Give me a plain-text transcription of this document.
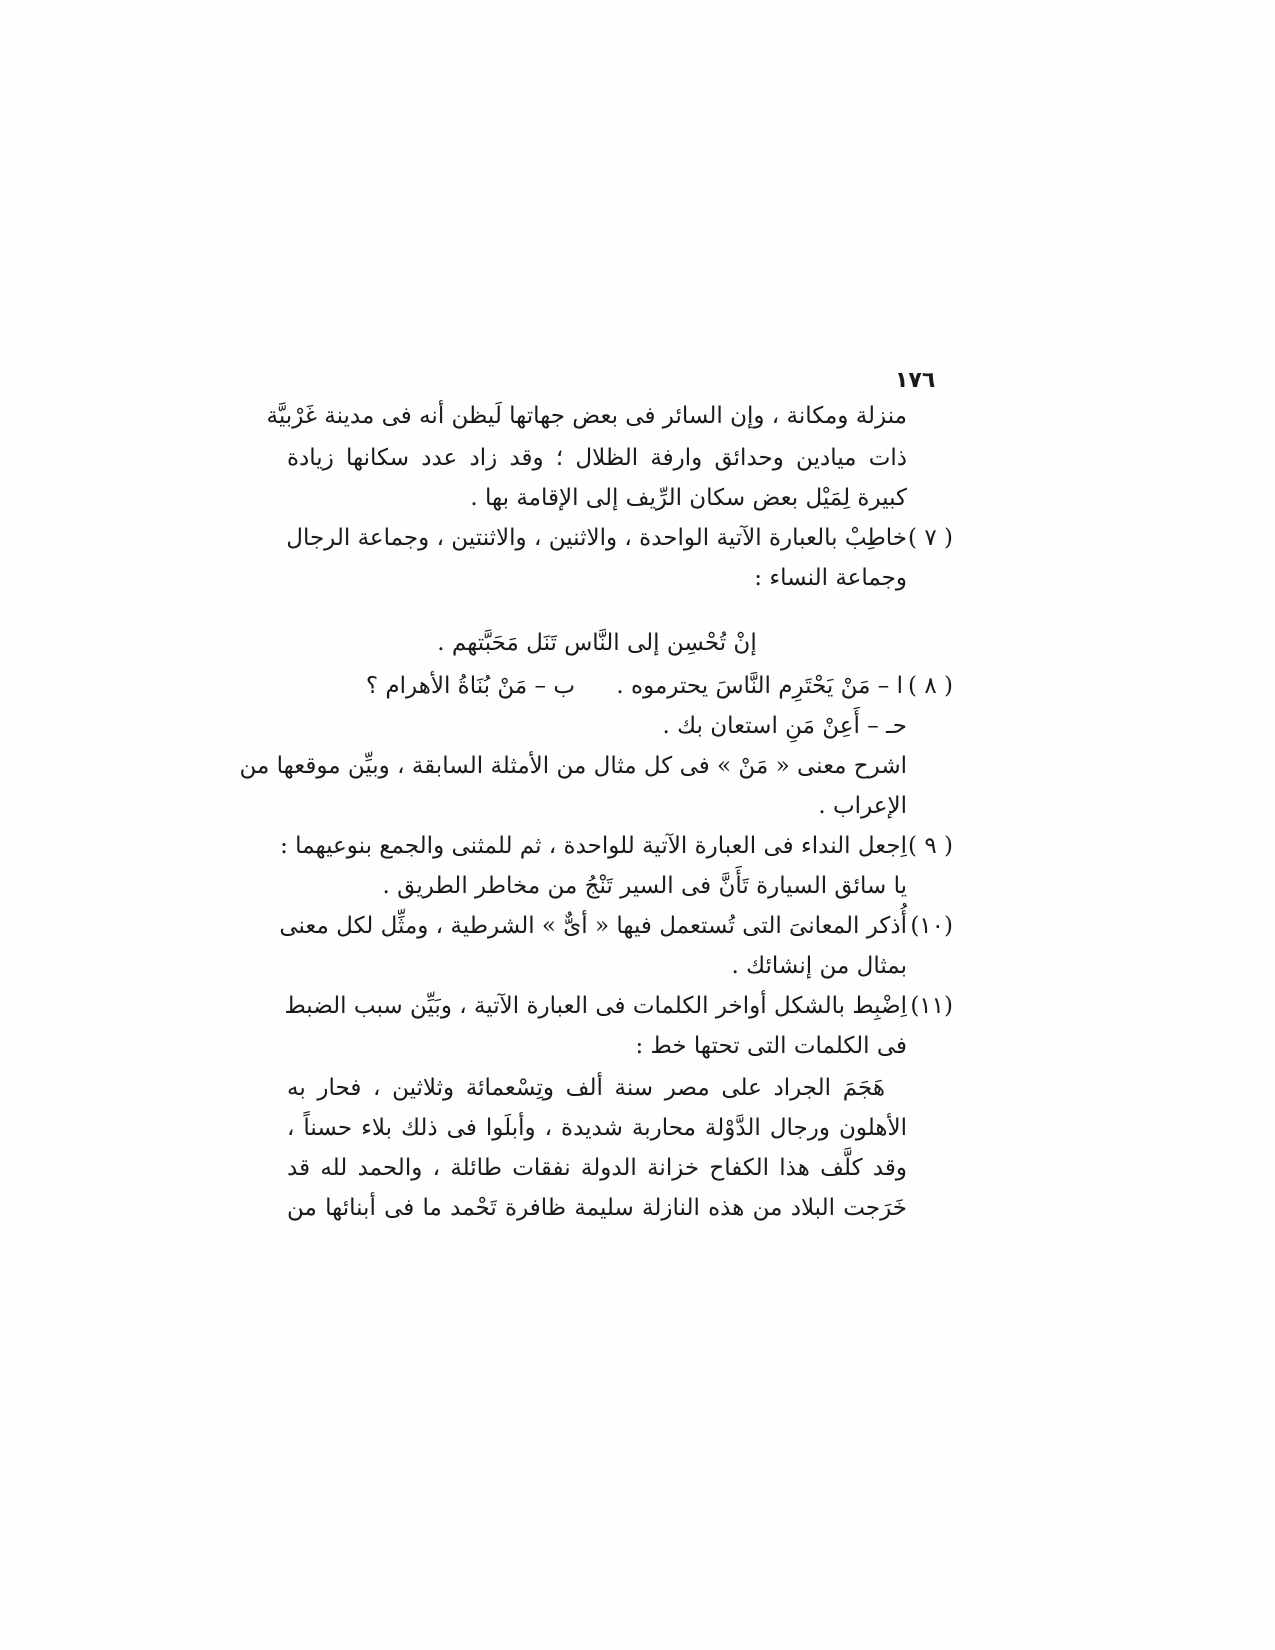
١٧٦
منزلة ومكانة ، وإن السائر فى بعض جهاتها لَيظن أنه فى مدينة غَرْبيَّة
ذات ميادين وحدائق وارفة الظلال ؛ وقد زاد عدد سكانها زيادة
كبيرة لِمَيْل بعض سكان الرِّيف إلى الإقامة بها .
( ٧ )
خاطِبْ بالعبارة الآتية الواحدة ، والاثنين ، والاثنتين ، وجماعة الرجال
وجماعة النساء :
إنْ تُحْسِن إلى النَّاس تَنَل مَحَبَّتهم .
( ٨ )
ا – مَنْ يَحْتَرِم النَّاسَ يحترموه .
ب – مَنْ بُنَاةُ الأهرام ؟
حـ – أَعِنْ مَنِ استعان بك .
اشرح معنى « مَنْ » فى كل مثال من الأمثلة السابقة ، وبيِّن موقعها من
الإعراب .
( ٩ )
اِجعل النداء فى العبارة الآتية للواحدة ، ثم للمثنى والجمع بنوعيهما :
يا سائق السيارة تَأَنَّ فى السير تَنْجُ من مخاطر الطريق .
(١٠)
أُذكر المعانىَ التى تُستعمل فيها « أىٌّ » الشرطية ، ومثِّل لكل معنى
بمثال من إنشائك .
(١١)
اِضْبِط بالشكل أواخر الكلمات فى العبارة الآتية ، وبَيِّن سبب الضبط
فى الكلمات التى تحتها خط :
هَجَمَ الجراد على مصر سنة ألف وتِسْعمائة وثلاثين ، فحار به
الأهلون ورجال الدَّوْلة محاربة شديدة ، وأبلَوا فى ذلك بلاء حسناً ،
وقد كلَّف هذا الكفاح خزانة الدولة نفقات طائلة ، والحمد لله قد
خَرَجت البلاد من هذه النازلة سليمة ظافرة تَحْمد ما فى أبنائها من
